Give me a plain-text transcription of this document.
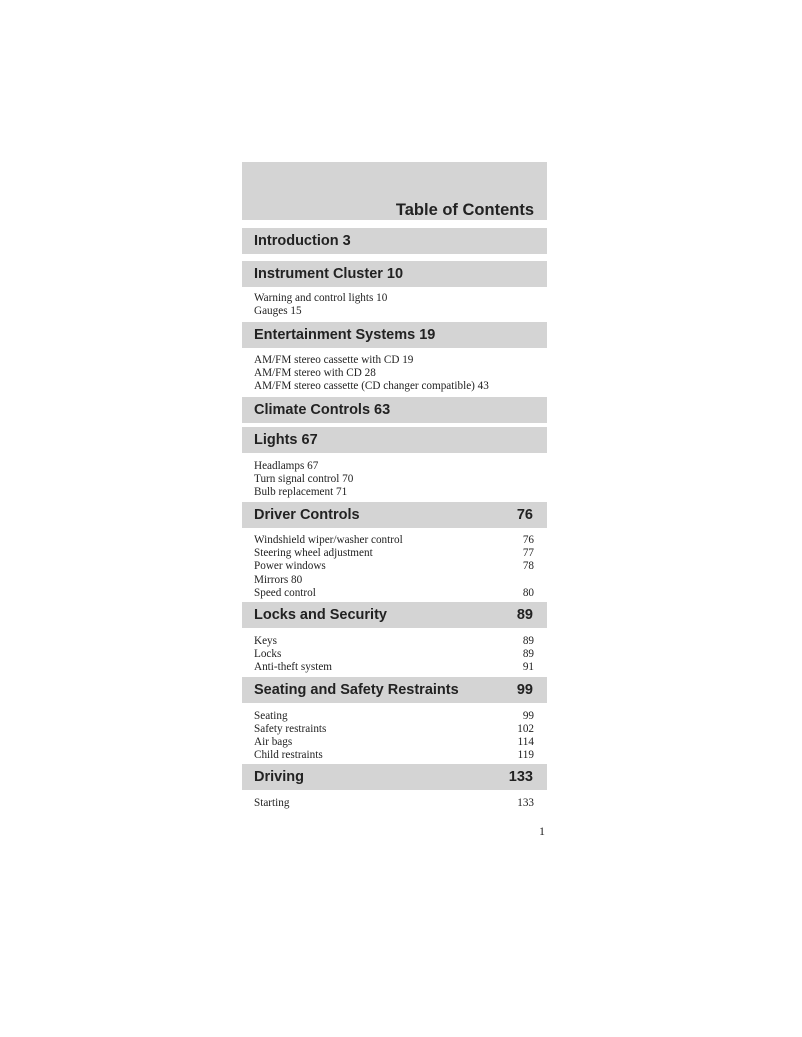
Table of Contents
Introduction 3
Instrument Cluster 10
Warning and control lights 10
Gauges 15
Entertainment Systems 19
AM/FM stereo cassette with CD 19
AM/FM stereo with CD 28
AM/FM stereo cassette (CD changer compatible) 43
Climate Controls 63
Lights 67
Headlamps 67
Turn signal control 70
Bulb replacement 71
Driver Controls	76
Windshield wiper/washer control	76
Steering wheel adjustment	77
Power windows	78
Mirrors 80
Speed control	80
Locks and Security	89
Keys	89
Locks	89
Anti-theft system	91
Seating and Safety Restraints	99
Seating	99
Safety restraints	102
Air bags	114
Child restraints	119
Driving	133
Starting	133
1
